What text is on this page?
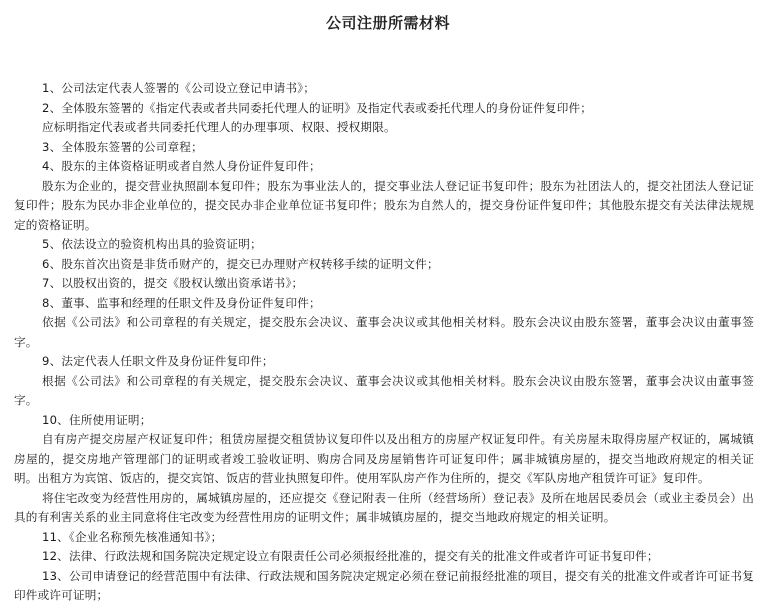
公司注册所需材料

1、公司法定代表人签署的《公司设立登记申请书》；

2、全体股东签署的《指定代表或者共同委托代理人的证明》及指定代表或委托代理人的身份证件复印件；

应标明指定代表或者共同委托代理人的办理事项、权限、授权期限。

3、全体股东签署的公司章程；

4、股东的主体资格证明或者自然人身份证件复印件；

股东为企业的，提交营业执照副本复印件；股东为事业法人的，提交事业法人登记证书复印件；股东为社团法人的，提交社团法人登记证复印件；股东为民办非企业单位的，提交民办非企业单位证书复印件；股东为自然人的，提交身份证件复印件；其他股东提交有关法律法规规定的资格证明。

5、依法设立的验资机构出具的验资证明；

6、股东首次出资是非货币财产的，提交已办理财产权转移手续的证明文件；

7、以股权出资的，提交《股权认缴出资承诺书》；

8、董事、监事和经理的任职文件及身份证件复印件；

依据《公司法》和公司章程的有关规定，提交股东会决议、董事会决议或其他相关材料。股东会决议由股东签署，董事会决议由董事签字。

9、法定代表人任职文件及身份证件复印件；

根据《公司法》和公司章程的有关规定，提交股东会决议、董事会决议或其他相关材料。股东会决议由股东签署，董事会决议由董事签字。

10、住所使用证明；

自有房产提交房屋产权证复印件；租赁房屋提交租赁协议复印件以及出租方的房屋产权证复印件。有关房屋未取得房屋产权证的，属城镇房屋的，提交房地产管理部门的证明或者竣工验收证明、购房合同及房屋销售许可证复印件；属非城镇房屋的，提交当地政府规定的相关证明。出租方为宾馆、饭店的，提交宾馆、饭店的营业执照复印件。使用军队房产作为住所的，提交《军队房地产租赁许可证》复印件。

将住宅改变为经营性用房的，属城镇房屋的，还应提交《登记附表－住所（经营场所）登记表》及所在地居民委员会（或业主委员会）出具的有利害关系的业主同意将住宅改变为经营性用房的证明文件；属非城镇房屋的，提交当地政府规定的相关证明。

11、《企业名称预先核准通知书》；

12、法律、行政法规和国务院决定规定设立有限责任公司必须报经批准的，提交有关的批准文件或者许可证书复印件；

13、公司申请登记的经营范围中有法律、行政法规和国务院决定规定必须在登记前报经批准的项目，提交有关的批准文件或者许可证书复印件或许可证明；
